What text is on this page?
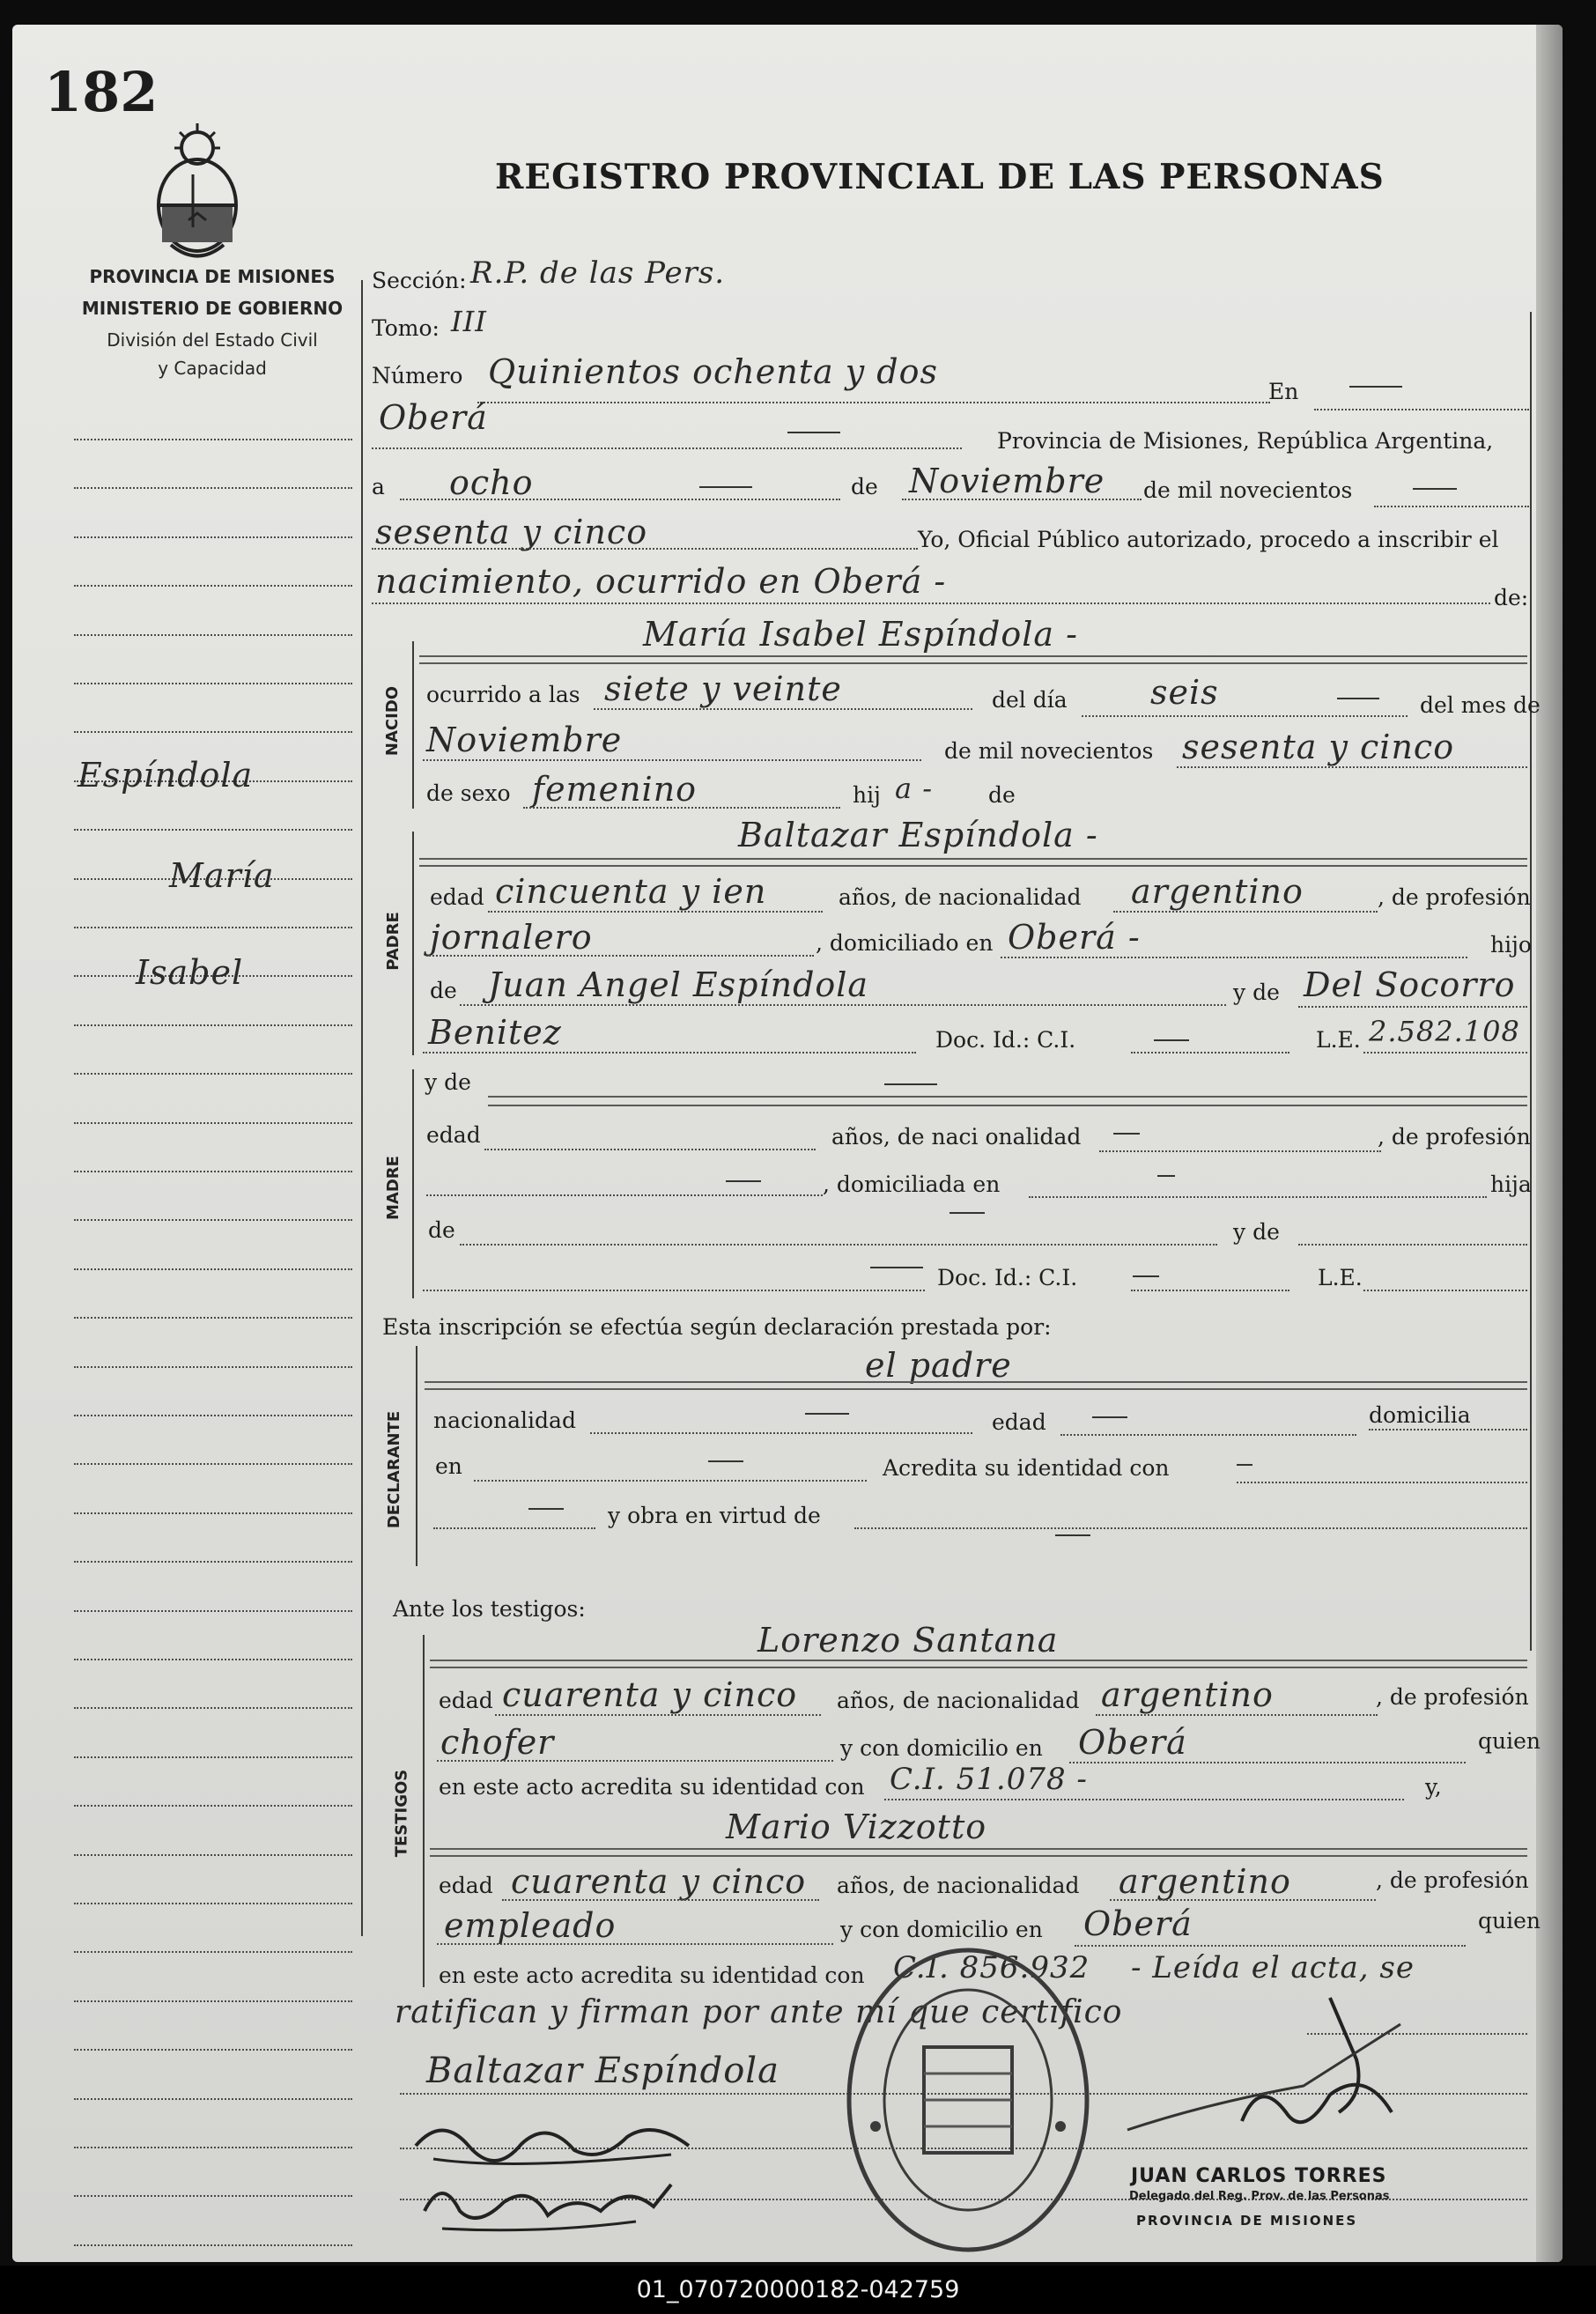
182
REGISTRO PROVINCIAL DE LAS PERSONAS
PROVINCIA DE MISIONES
MINISTERIO DE GOBIERNO
División del Estado Civil
y Capacidad
Espíndola
María
Isabel
Sección: R.P. de las Pers.
Tomo: III
Número Quinientos ochenta y dos
En
Oberá
Provincia de Misiones, República Argentina,
a ocho	de Noviembre de mil novecientos
sesenta y cinco	Yo, Oficial Público autorizado, procedo a inscribir el
nacimiento, ocurrido en Oberá -	de:
NACIDO
María Isabel Espíndola -
ocurrido a las siete y veinte	del día seis	del mes de
Noviembre	de mil novecientos sesenta y cinco
de sexo femenino	hij a -	de
PADRE
Baltazar Espíndola -
edad cincuenta y ien	años, de nacionalidad argentino	, de profesión
jornalero	, domiciliado en Oberá -	hijo
de Juan Angel Espíndola	y de Del Socorro
Benitez	Doc. Id.: C.I.	L.E. 2.582.108
MADRE
y de
edad	años, de naci onalidad	, de profesión
, domiciliada en	hija
de	y de
Doc. Id.: C.I.	L.E.
Esta inscripción se efectúa según declaración prestada por:
DECLARANTE
el padre
nacionalidad	edad	domicilia
en	Acredita su identidad con
y obra en virtud de
Ante los testigos:
TESTIGOS
Lorenzo Santana
edad cuarenta y cinco años, de nacionalidad argentino	, de profesión
chofer	y con domicilio en Oberá	quien
en este acto acredita su identidad con C.I. 51.078 -	y,
Mario Vizzotto
edad cuarenta y cinco años, de nacionalidad argentino	, de profesión
empleado	y con domicilio en Oberá	quien
en este acto acredita su identidad con C.I. 856.932 - Leída el acta, se
ratifican y firman por ante mí que certifico
Baltazar Espíndola
JUAN CARLOS TORRES
Delegado del Reg. Prov. de las Personas
PROVINCIA DE MISIONES
01_070720000182-042759
